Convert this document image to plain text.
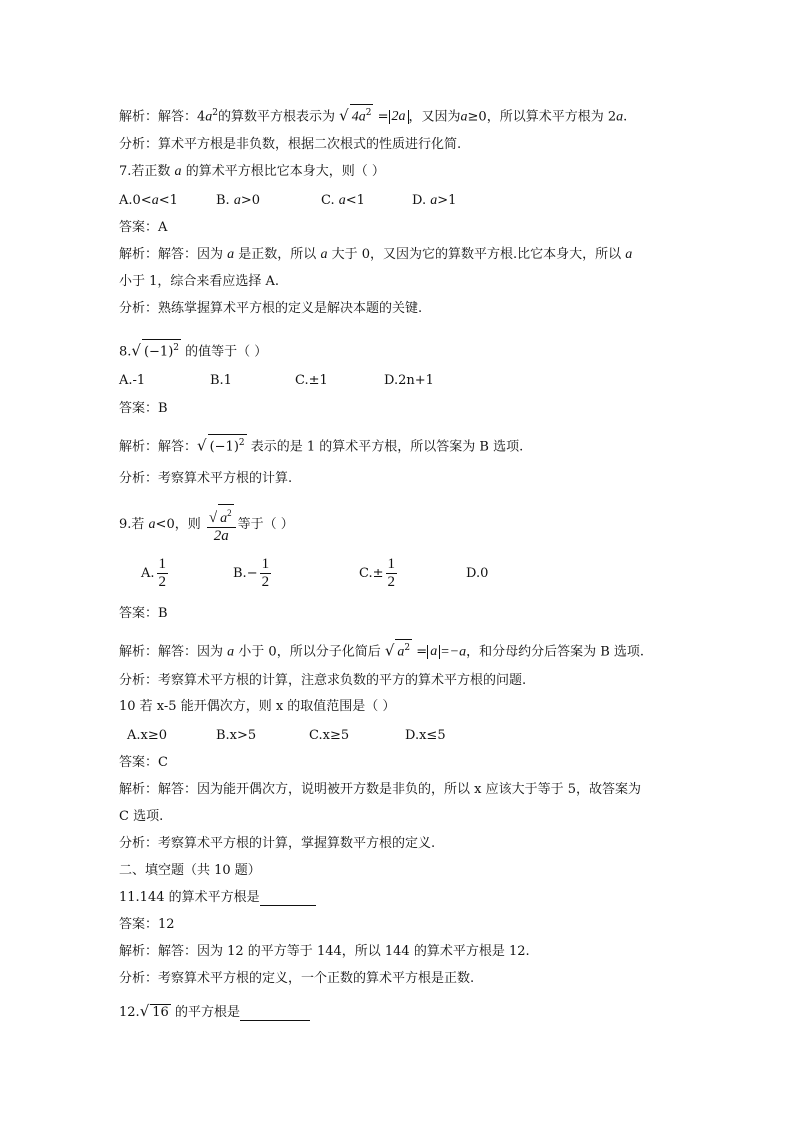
解析：解答：$4a^2$的算数平方根表示为 √ $4a^2 = 2a$ ，又因为a≥0，所以算术平方根为 2a.
分析：算术平方根是非负数，根据二次根式的性质进行化简.
7.若正数 a 的算术平方根比它本身大，则（ ）
A.0<a<1	B. a>0	C. a<1	D. a>1
答案：A
解析：解答：因为 a 是正数，所以 a 大于 0，又因为它的算数平方根.比它本身大，所以 a
小于 1，综合来看应选择 A.
分析：熟练掌握算术平方根的定义是解决本题的关键.
8.√ $(-1)^2$ 的值等于（ ）
A.-1	B.1	C.±1	D.2n+1
答案：B
解析：解答：√ $(-1)^2$ 表示的是 1 的算术平方根，所以答案为 B 选项.
分析：考察算术平方根的计算.
9.若 a<0，则 $\frac{√ a^2}{2a}$ 等于（ ）
A. $\frac{1}{2}$	$B.- \frac{1}{2}$	$C.\pm \frac{1}{2}$	D.0
答案：B
解析：解答：因为 a 小于 0，所以分子化简后 √ $a^2 = a =-a$，和分母约分后答案为 B 选项.
分析：考察算术平方根的计算，注意求负数的平方的算术平方根的问题.
10 若 x-5 能开偶次方，则 x 的取值范围是（ ）
A.x≥0	B.x>5	C.x≥5	D.x≤5
答案：C
解析：解答：因为能开偶次方，说明被开方数是非负的，所以 x 应该大于等于 5，故答案为
C 选项.
分析：考察算术平方根的计算，掌握算数平方根的定义.
二、填空题（共 10 题）
11.144 的算术平方根是
答案：12
解析：解答：因为 12 的平方等于 144，所以 144 的算术平方根是 12.
分析：考察算术平方根的定义，一个正数的算术平方根是正数.
12.√ 16 的平方根是
